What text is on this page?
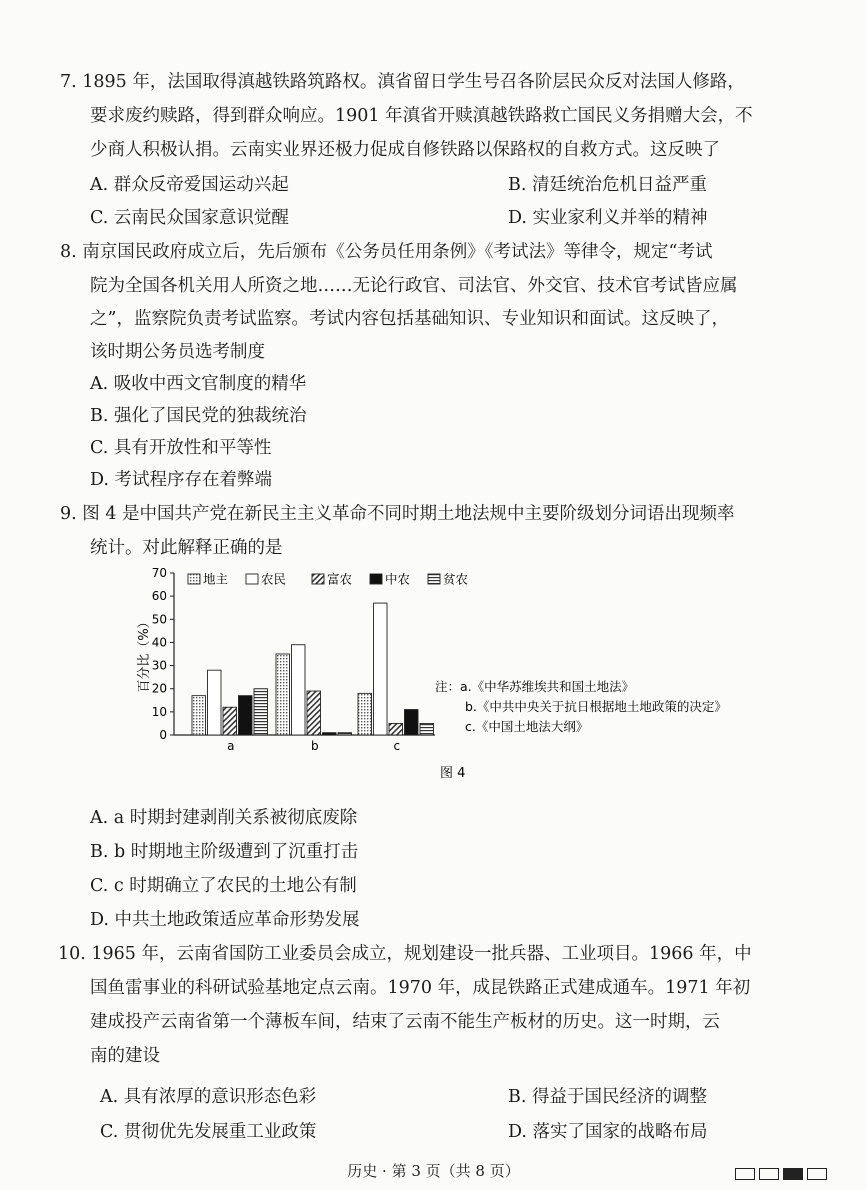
7. 1895 年，法国取得滇越铁路筑路权。滇省留日学生号召各阶层民众反对法国人修路，
要求废约赎路，得到群众响应。1901 年滇省开赎滇越铁路救亡国民义务捐赠大会，不
少商人积极认捐。云南实业界还极力促成自修铁路以保路权的自救方式。这反映了
A. 群众反帝爱国运动兴起	B. 清廷统治危机日益严重
C. 云南民众国家意识觉醒	D. 实业家利义并举的精神
8. 南京国民政府成立后，先后颁布《公务员任用条例》《考试法》等律令，规定“考试
院为全国各机关用人所资之地……无论行政官、司法官、外交官、技术官考试皆应属
之”，监察院负责考试监察。考试内容包括基础知识、专业知识和面试。这反映了，
该时期公务员选考制度
A. 吸收中西文官制度的精华
B. 强化了国民党的独裁统治
C. 具有开放性和平等性
D. 考试程序存在着弊端
9. 图 4 是中国共产党在新民主主义革命不同时期土地法规中主要阶级划分词语出现频率
统计。对此解释正确的是
0
10
20
30
40
50
60
70
百分比（%）
a	b	c
地主	农民	富农	中农	贫农
注：a.《中华苏维埃共和国土地法》
b.《中共中央关于抗日根据地土地政策的决定》
c.《中国土地法大纲》
图 4
A. a 时期封建剥削关系被彻底废除
B. b 时期地主阶级遭到了沉重打击
C. c 时期确立了农民的土地公有制
D. 中共土地政策适应革命形势发展
10. 1965 年，云南省国防工业委员会成立，规划建设一批兵器、工业项目。1966 年，中
国鱼雷事业的科研试验基地定点云南。1970 年，成昆铁路正式建成通车。1971 年初
建成投产云南省第一个薄板车间，结束了云南不能生产板材的历史。这一时期，云
南的建设
A. 具有浓厚的意识形态色彩	B. 得益于国民经济的调整
C. 贯彻优先发展重工业政策	D. 落实了国家的战略布局
历史 · 第 3 页（共 8 页）
